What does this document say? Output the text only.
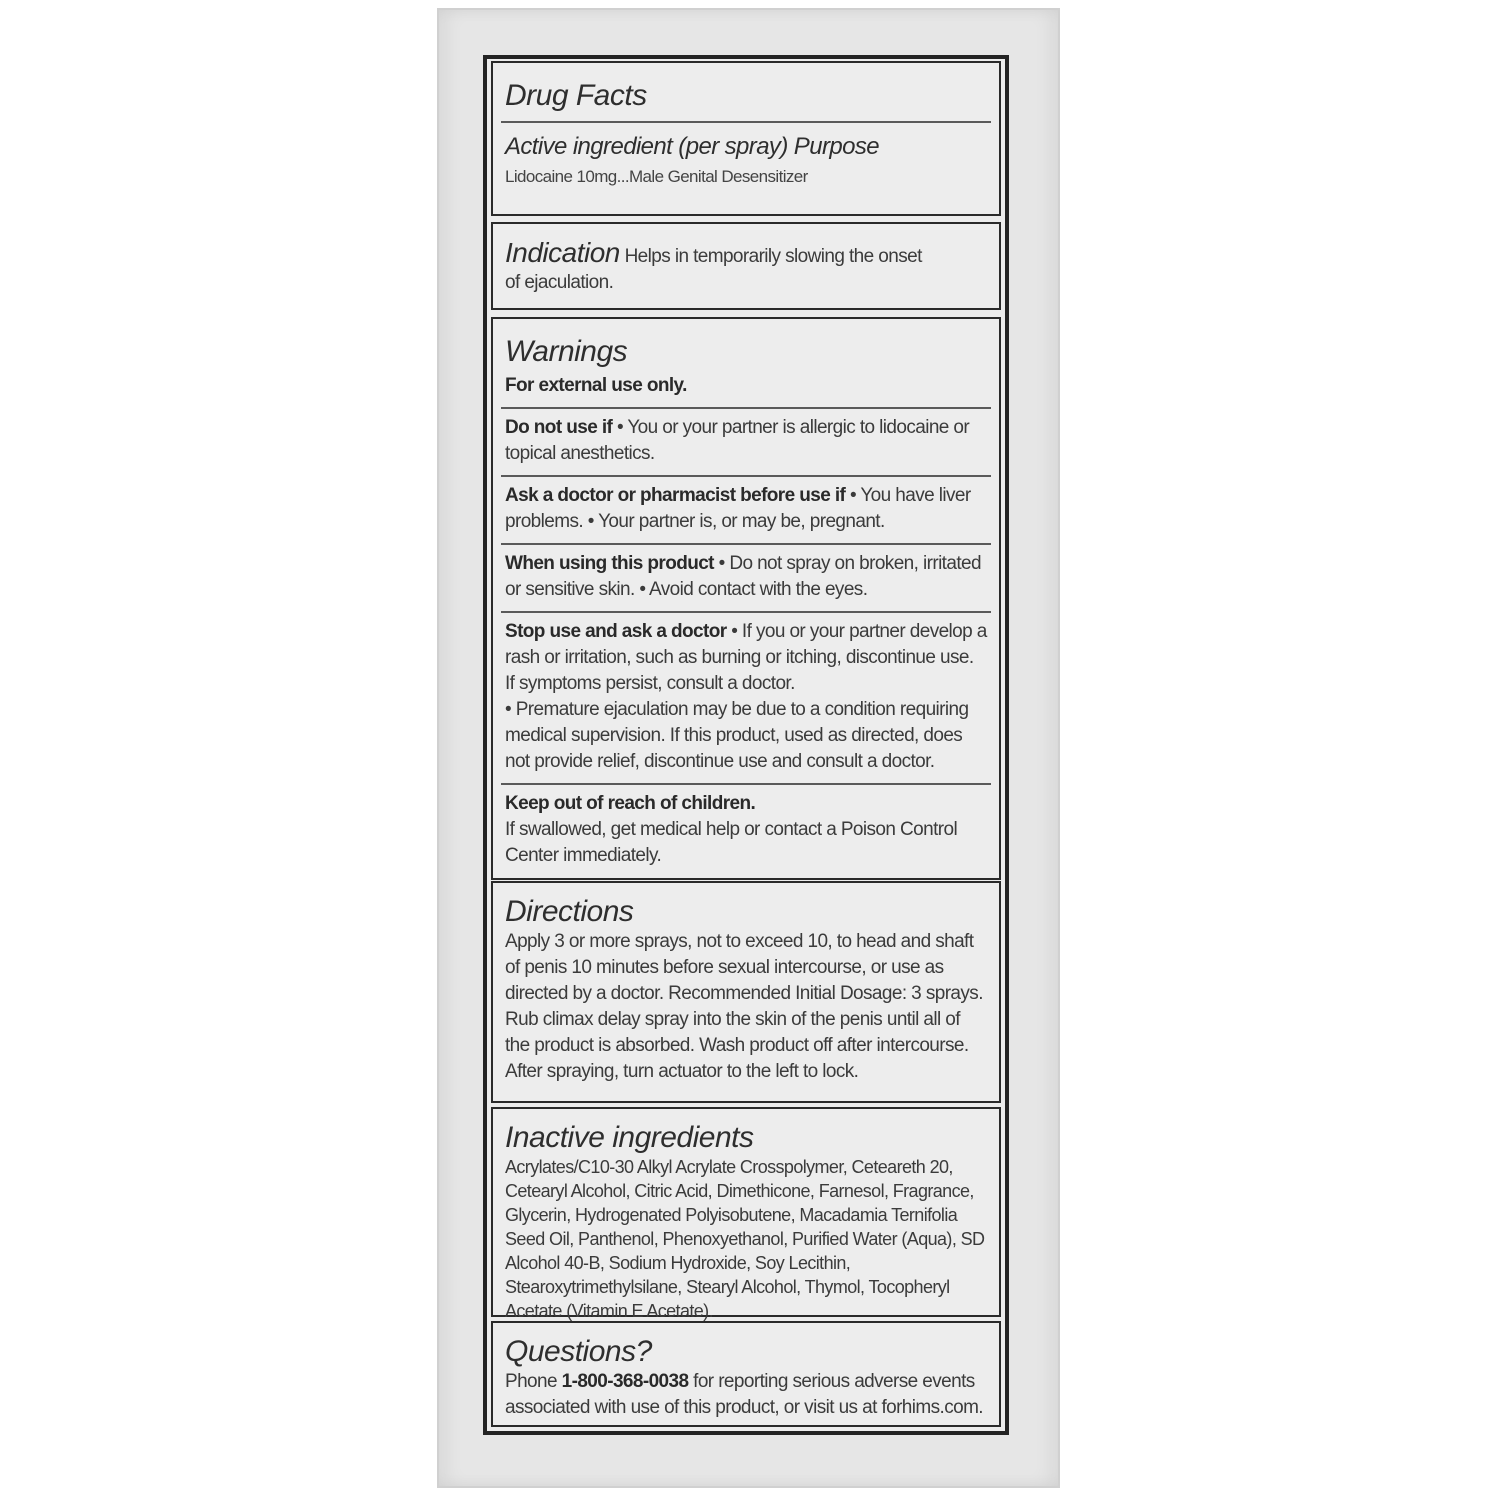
Drug Facts
Active ingredient (per spray) Purpose
Lidocaine 10mg...Male Genital Desensitizer
Indication Helps in temporarily slowing the onset
of ejaculation.
Warnings
For external use only.
Do not use if • You or your partner is allergic to lidocaine or topical anesthetics.
Ask a doctor or pharmacist before use if • You have liver problems. • Your partner is, or may be, pregnant.
When using this product • Do not spray on broken, irritated or sensitive skin. • Avoid contact with the eyes.
Stop use and ask a doctor • If you or your partner develop a rash or irritation, such as burning or itching, discontinue use. If symptoms persist, consult a doctor.
• Premature ejaculation may be due to a condition requiring medical supervision. If this product, used as directed, does not provide relief, discontinue use and consult a doctor.
Keep out of reach of children.
If swallowed, get medical help or contact a Poison Control Center immediately.
Directions
Apply 3 or more sprays, not to exceed 10, to head and shaft of penis 10 minutes before sexual intercourse, or use as directed by a doctor. Recommended Initial Dosage: 3 sprays. Rub climax delay spray into the skin of the penis until all of the product is absorbed. Wash product off after intercourse. After spraying, turn actuator to the left to lock.
Inactive ingredients
Acrylates/C10-30 Alkyl Acrylate Crosspolymer, Ceteareth 20, Cetearyl Alcohol, Citric Acid, Dimethicone, Farnesol, Fragrance, Glycerin, Hydrogenated Polyisobutene, Macadamia Ternifolia Seed Oil, Panthenol, Phenoxyethanol, Purified Water (Aqua), SD Alcohol 40-B, Sodium Hydroxide, Soy Lecithin, Stearoxytrimethylsilane, Stearyl Alcohol, Thymol, Tocopheryl Acetate (Vitamin E Acetate).
Questions?
Phone 1-800-368-0038 for reporting serious adverse events associated with use of this product, or visit us at forhims.com.
